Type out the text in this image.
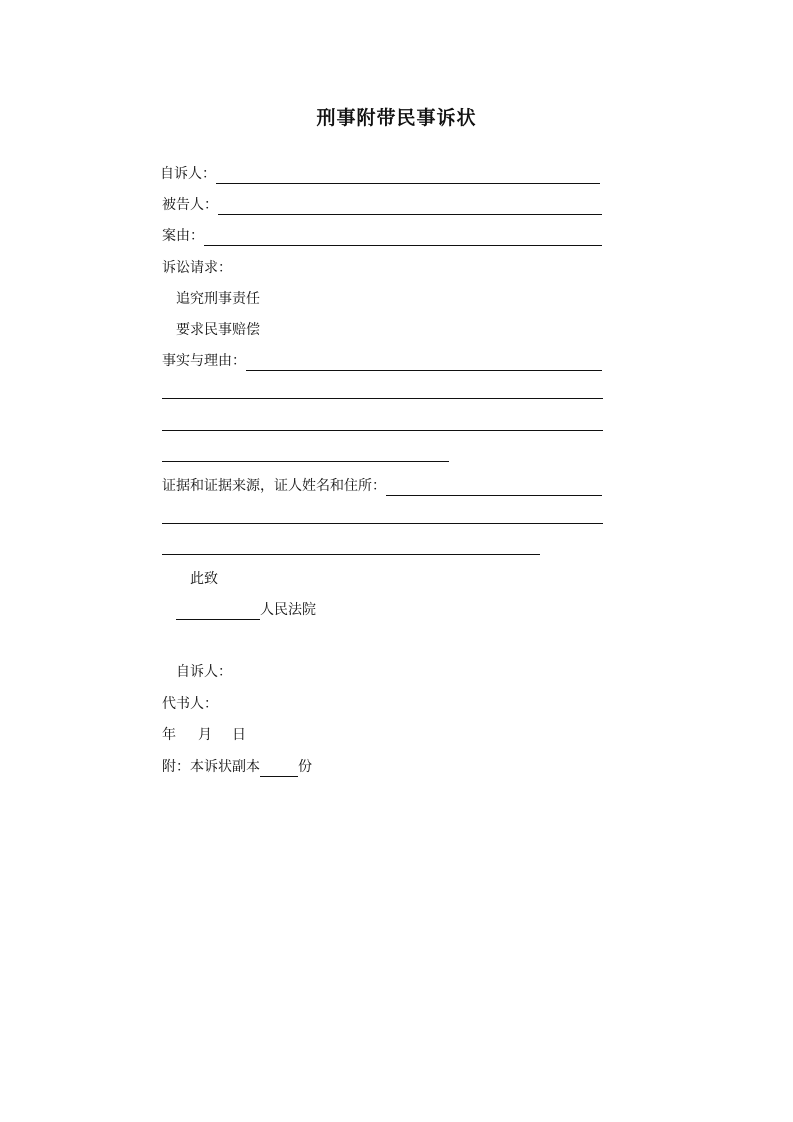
刑事附带民事诉状
自诉人：
被告人：
案由：
诉讼请求：
追究刑事责任
要求民事赔偿
事实与理由：
证据和证据来源，证人姓名和住所：
此致
人民法院
自诉人：
代书人：
年 月 日
附：本诉状副本	份
